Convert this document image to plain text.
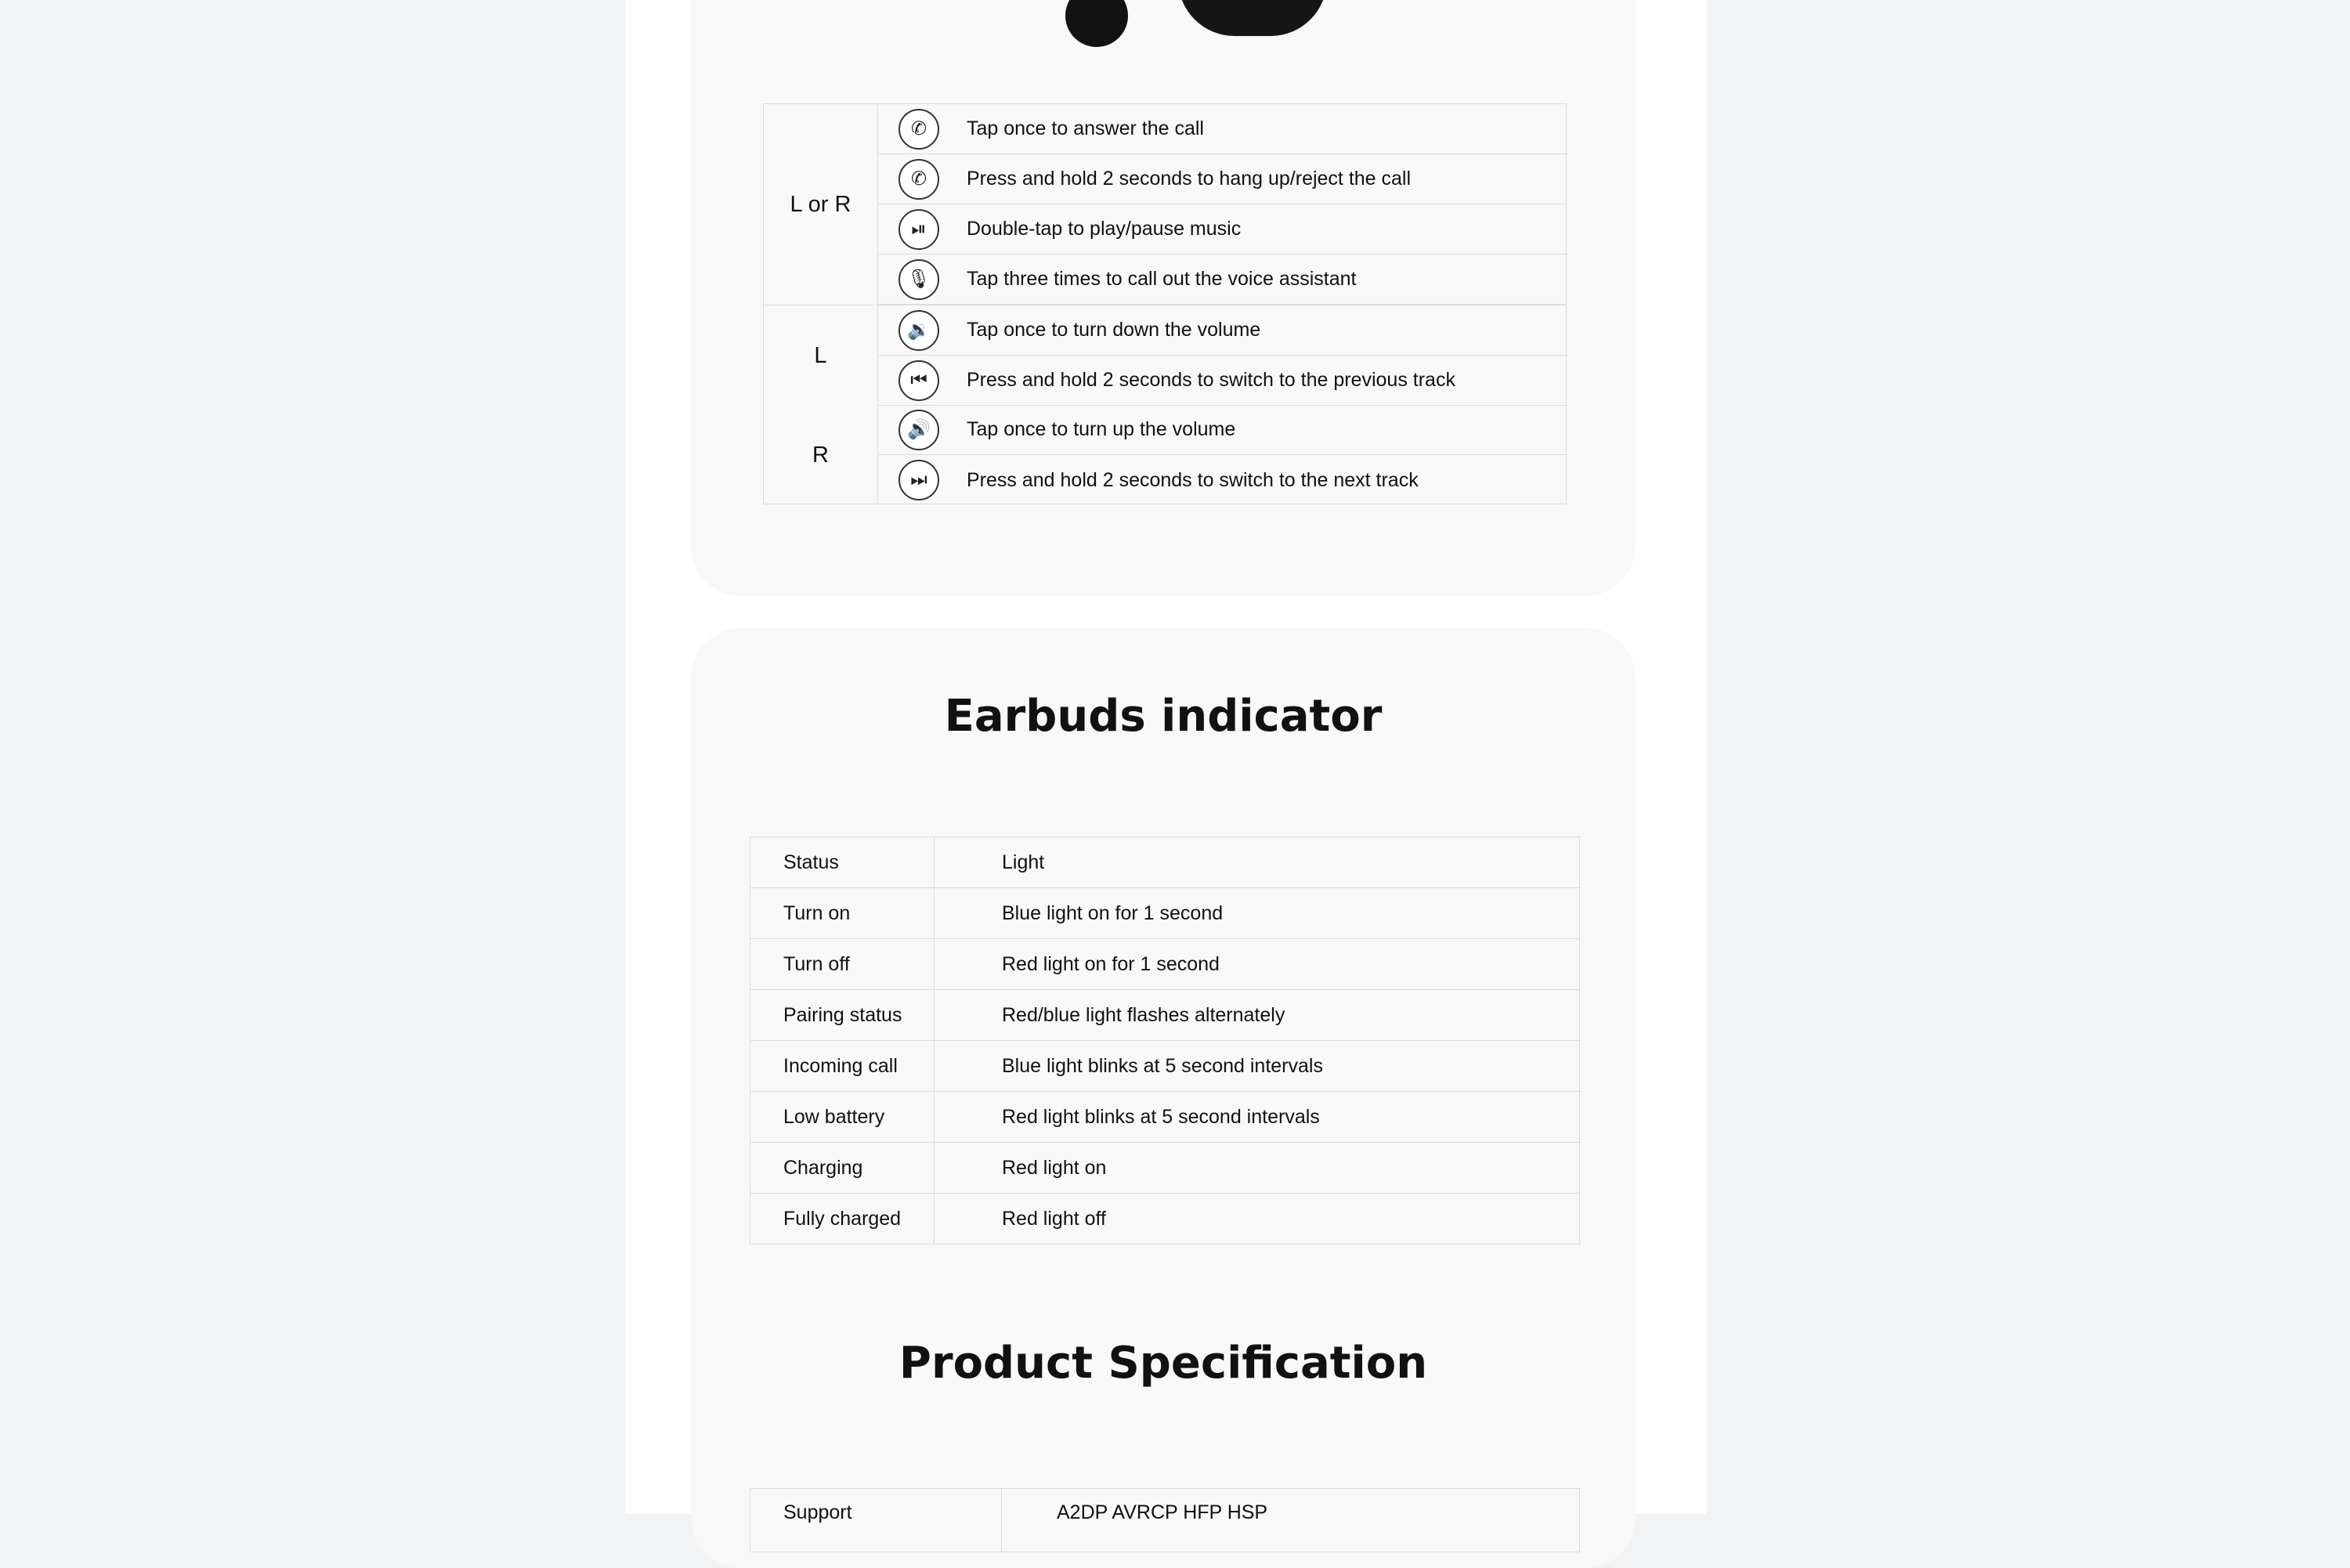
L or R
✆	Tap once to answer the call
✆	Press and hold 2 seconds to hang up/reject the call
⏯	Double-tap to play/pause music
🎙	Tap three times to call out the voice assistant
L
🔉	Tap once to turn down the volume
⏮	Press and hold 2 seconds to switch to the previous track
R
🔊	Tap once to turn up the volume
⏭	Press and hold 2 seconds to switch to the next track
Earbuds indicator
Status	Light
Turn on	Blue light on for 1 second
Turn off	Red light on for 1 second
Pairing status	Red/blue light flashes alternately
Incoming call	Blue light blinks at 5 second intervals
Low battery	Red light blinks at 5 second intervals
Charging	Red light on
Fully charged	Red light off
Product Specification
Support	A2DP AVRCP HFP HSP
